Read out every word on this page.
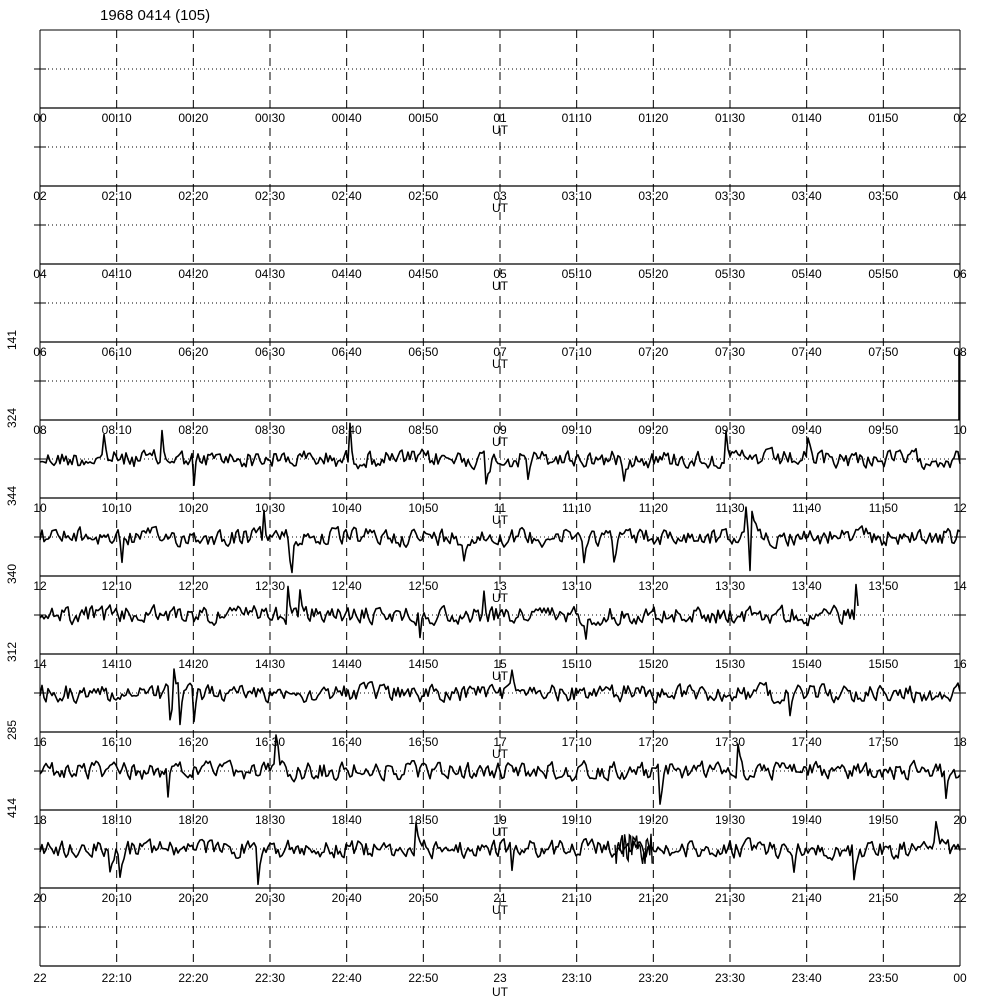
1968 0414 (105)
141
324
344
340
312
285
414
00	00:10	00:20	00:30	00:40	00:50	01	01:10	01:20	01:30	01:40	01:50	02
UT
02	02:10	02:20	02:30	02:40	02:50	03	03:10	03:20	03:30	03:40	03:50	04
UT
04	04:10	04:20	04:30	04:40	04:50	05	05:10	05:20	05:30	05:40	05:50	06
UT
06	06:10	06:20	06:30	06:40	06:50	07	07:10	07:20	07:30	07:40	07:50	08
UT
08	08:10	08:20	08:30	08:40	08:50	09	09:10	09:20	09:30	09:40	09:50	10
UT
10	10:10	10:20	10:30	10:40	10:50	11	11:10	11:20	11:30	11:40	11:50	12
UT
12	12:10	12:20	12:30	12:40	12:50	13	13:10	13:20	13:30	13:40	13:50	14
UT
14	14:10	14:20	14:30	14:40	14:50	15	15:10	15:20	15:30	15:40	15:50	16
UT
16	16:10	16:20	16:30	16:40	16:50	17	17:10	17:20	17:30	17:40	17:50	18
UT
18	18:10	18:20	18:30	18:40	18:50	19	19:10	19:20	19:30	19:40	19:50	20
UT
20	20:10	20:20	20:30	20:40	20:50	21	21:10	21:20	21:30	21:40	21:50	22
UT
22	22:10	22:20	22:30	22:40	22:50	23	23:10	23:20	23:30	23:40	23:50	00
UT
